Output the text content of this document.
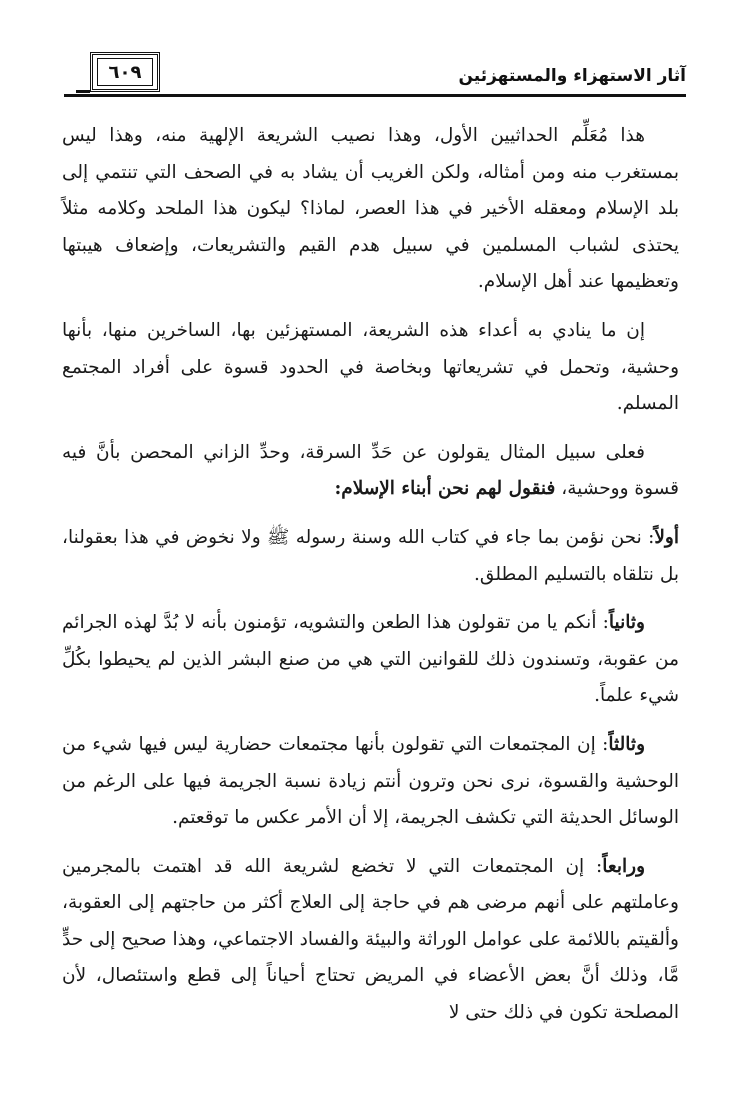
آثار الاستهزاء والمستهزئين
٦٠٩

هذا مُعَلِّم الحداثيين الأول، وهذا نصيب الشريعة الإلهية منه، وهذا ليس بمستغرب منه ومن أمثاله، ولكن الغريب أن يشاد به في الصحف التي تنتمي إلى بلد الإسلام ومعقله الأخير في هذا العصر، لماذا؟ ليكون هذا الملحد وكلامه مثلاً يحتذى لشباب المسلمين في سبيل هدم القيم والتشريعات، وإضعاف هيبتها وتعظيمها عند أهل الإسلام.

إن ما ينادي به أعداء هذه الشريعة، المستهزئين بها، الساخرين منها، بأنها وحشية، وتحمل في تشريعاتها وبخاصة في الحدود قسوة على أفراد المجتمع المسلم.

فعلى سبيل المثال يقولون عن حَدِّ السرقة، وحدِّ الزاني المحصن بأنَّ فيه قسوة ووحشية، فنقول لهم نحن أبناء الإسلام:

أولاً: نحن نؤمن بما جاء في كتاب الله وسنة رسوله ﷺ ولا نخوض في هذا بعقولنا، بل نتلقاه بالتسليم المطلق.

وثانياً: أنكم يا من تقولون هذا الطعن والتشويه، تؤمنون بأنه لا بُدَّ لهذه الجرائم من عقوبة، وتسندون ذلك للقوانين التي هي من صنع البشر الذين لم يحيطوا بكُلِّ شيء علماً.

وثالثاً: إن المجتمعات التي تقولون بأنها مجتمعات حضارية ليس فيها شيء من الوحشية والقسوة، نرى نحن وترون أنتم زيادة نسبة الجريمة فيها على الرغم من الوسائل الحديثة التي تكشف الجريمة، إلا أن الأمر عكس ما توقعتم.

ورابعاً: إن المجتمعات التي لا تخضع لشريعة الله قد اهتمت بالمجرمين وعاملتهم على أنهم مرضى هم في حاجة إلى العلاج أكثر من حاجتهم إلى العقوبة، وألقيتم باللائمة على عوامل الوراثة والبيئة والفساد الاجتماعي، وهذا صحيح إلى حدٍّ مَّا، وذلك أنَّ بعض الأعضاء في المريض تحتاج أحياناً إلى قطع واستئصال، لأن المصلحة تكون في ذلك حتى لا
